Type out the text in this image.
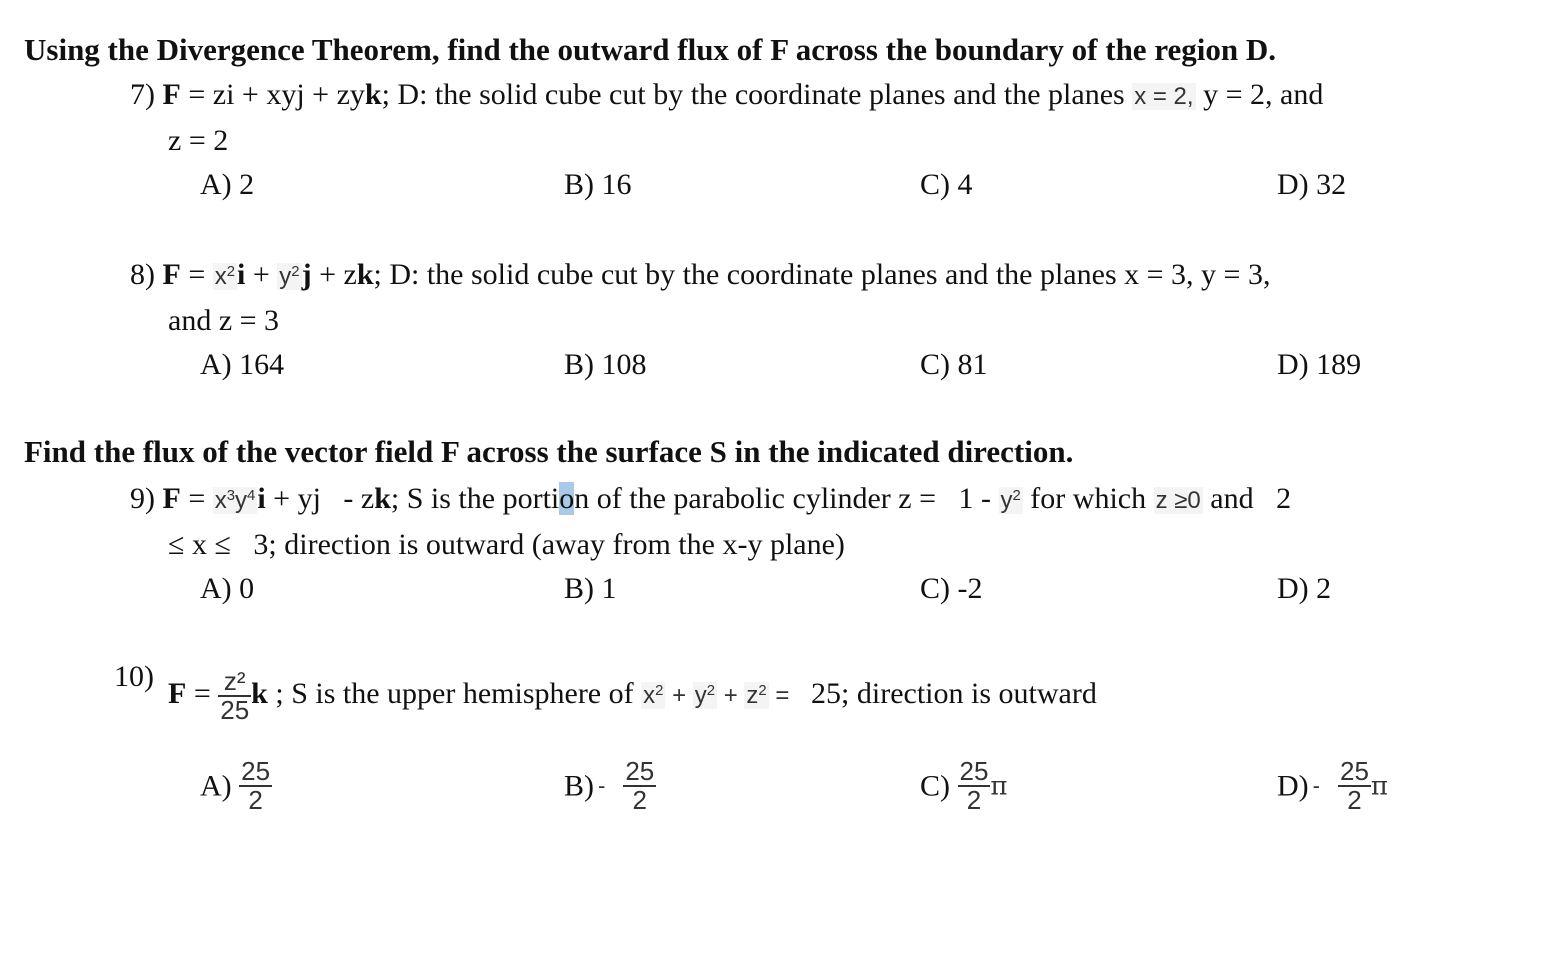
Using the Divergence Theorem, find the outward flux of F across the boundary of the region D.
7) F = zi + xyj + zyk; D: the solid cube cut by the coordinate planes and the planes x = 2, y = 2, and
z = 2
A) 2	B) 16	C) 4	D) 32
8) $F = x^2i + y^2j$ + zk; D: the solid cube cut by the coordinate planes and the planes x = 3, y = 3,
and z = 3
A) 164	B) 108	C) 81	D) 189
Find the flux of the vector field F across the surface S in the indicated direction.
9) $F = x^3y^4i$ + yj   - zk; S is the portion of the parabolic cylinder $z = 1 - y^2$ for which z ≥0 and   2
≤ x ≤   3; direction is outward (away from the x-y plane)
A) 0	B) 1	C) -2	D) 2
10)
$F = \frac{\text{z²}}{25}$ k ; S is the upper hemisphere of $x^2 + y^2 + z^2 = 25$; direction is outward
$A) \frac{25}{2}$	$B) - \frac{25}{2}$	$C) \frac{25}{2}$ π	$D) - \frac{25}{2}$ π
